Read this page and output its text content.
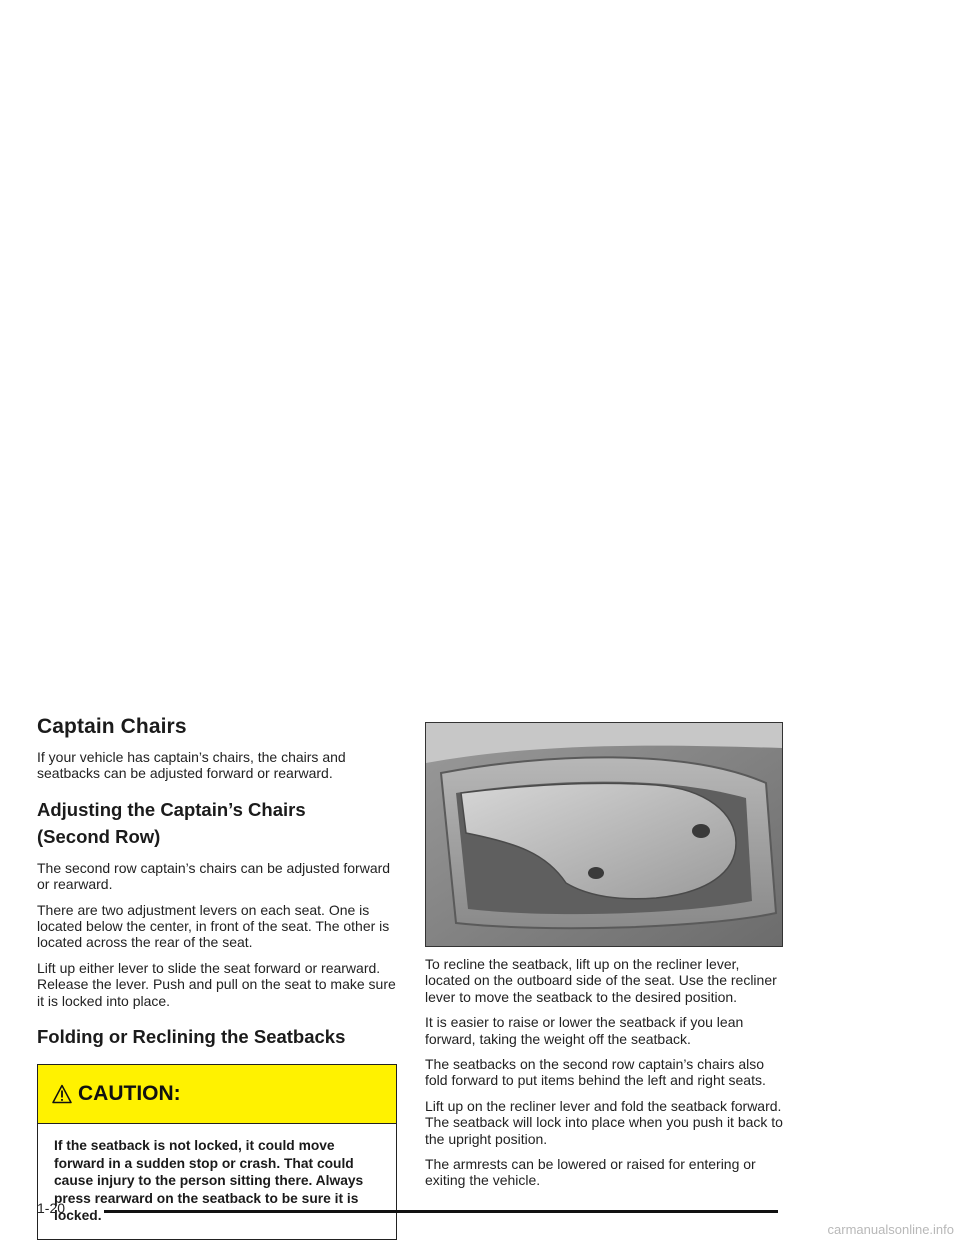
Captain Chairs

If your vehicle has captain’s chairs, the chairs and seatbacks can be adjusted forward or rearward.

Adjusting the Captain’s Chairs
(Second Row)

The second row captain’s chairs can be adjusted forward or rearward.

There are two adjustment levers on each seat. One is located below the center, in front of the seat. The other is located across the rear of the seat.

Lift up either lever to slide the seat forward or rearward. Release the lever. Push and pull on the seat to make sure it is locked into place.

Folding or Reclining the Seatbacks
CAUTION:
If the seatback is not locked, it could move forward in a sudden stop or crash. That could cause injury to the person sitting there. Always press rearward on the seatback to be sure it is locked.

To recline the seatback, lift up on the recliner lever, located on the outboard side of the seat. Use the recliner lever to move the seatback to the desired position.

It is easier to raise or lower the seatback if you lean forward, taking the weight off the seatback.

The seatbacks on the second row captain’s chairs also fold forward to put items behind the left and right seats.

Lift up on the recliner lever and fold the seatback forward. The seatback will lock into place when you push it back to the upright position.

The armrests can be lowered or raised for entering or exiting the vehicle.

1-20
carmanualsonline.info
